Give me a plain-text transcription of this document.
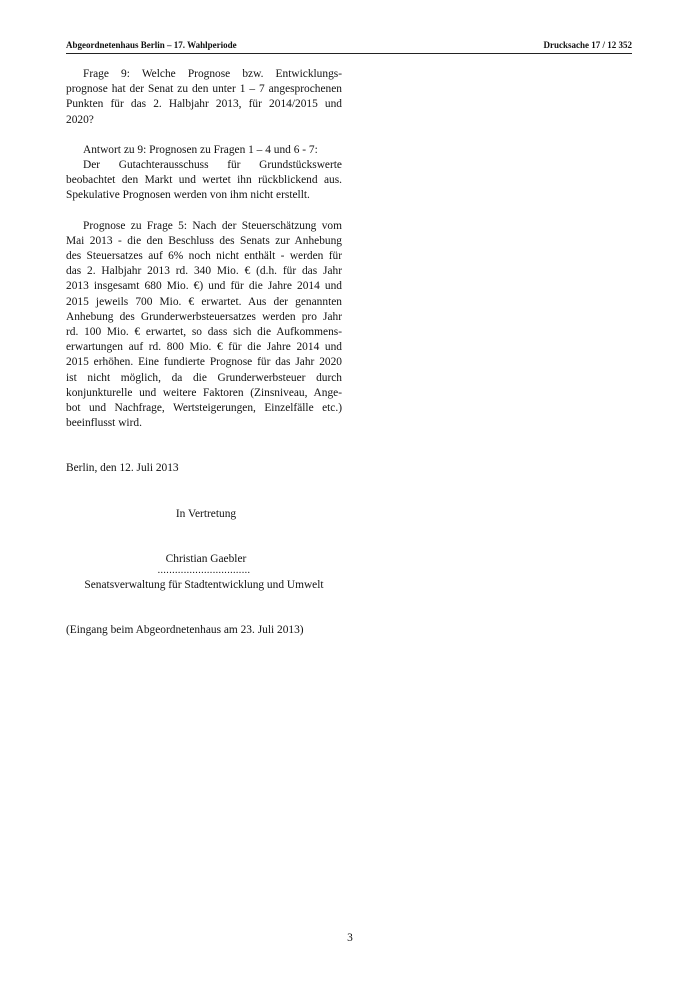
Abgeordnetenhaus Berlin – 17. Wahlperiode	Drucksache 17 / 12 352

Frage 9: Welche Prognose bzw. Entwicklungs-
prognose hat der Senat zu den unter 1 – 7 angesprochenen
Punkten für das 2. Halbjahr 2013, für 2014/2015 und
2020?

Antwort zu 9: Prognosen zu Fragen 1 – 4 und 6 - 7:
Der Gutachterausschuss für Grundstückswerte
beobachtet den Markt und wertet ihn rückblickend aus.
Spekulative Prognosen werden von ihm nicht erstellt.

Prognose zu Frage 5: Nach der Steuerschätzung vom
Mai 2013 - die den Beschluss des Senats zur Anhebung
des Steuersatzes auf 6% noch nicht enthält - werden für
das 2. Halbjahr 2013 rd. 340 Mio. € (d.h. für das Jahr
2013 insgesamt 680 Mio. €) und für die Jahre 2014 und
2015 jeweils 700 Mio. € erwartet. Aus der genannten
Anhebung des Grunderwerbsteuersatzes werden pro Jahr
rd. 100 Mio. € erwartet, so dass sich die Aufkommens-
erwartungen auf rd. 800 Mio. € für die Jahre 2014 und
2015 erhöhen. Eine fundierte Prognose für das Jahr 2020
ist nicht möglich, da die Grunderwerbsteuer durch
konjunkturelle und weitere Faktoren (Zinsniveau, Ange-
bot und Nachfrage, Wertsteigerungen, Einzelfälle etc.)
beeinflusst wird.

Berlin, den 12. Juli 2013

In Vertretung

Christian Gaebler

................................

Senatsverwaltung für Stadtentwicklung und Umwelt

(Eingang beim Abgeordnetenhaus am 23. Juli 2013)

3
